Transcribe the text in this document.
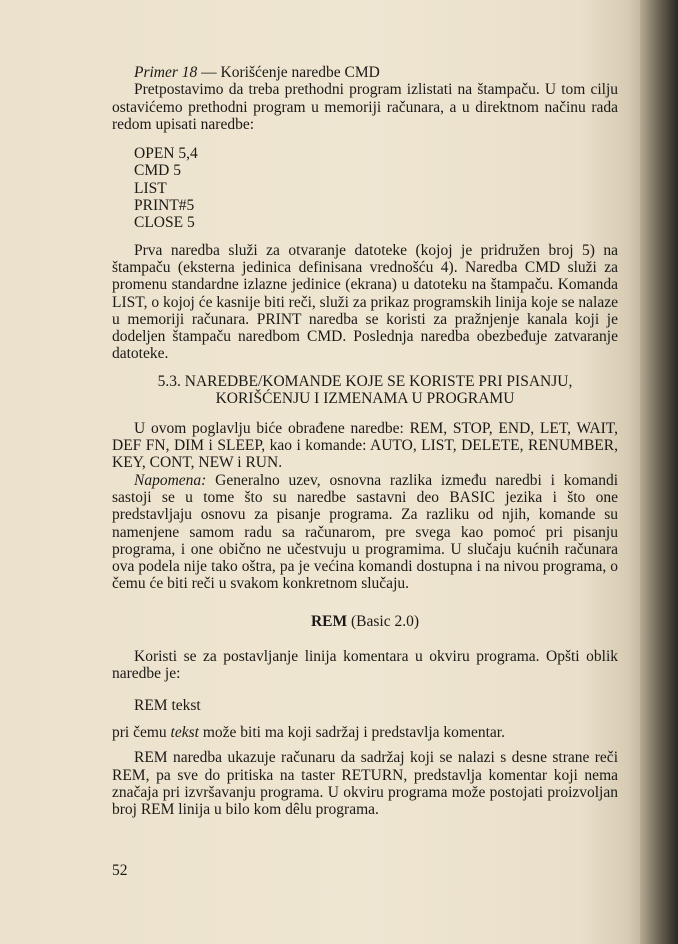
Primer 18 — Korišćenje naredbe CMD

Pretpostavimo da treba prethodni program izlistati na štampaču. U tom cilju ostavićemo prethodni program u memoriji računara, a u direktnom načinu rada redom upisati naredbe:

OPEN 5,4
CMD 5
LIST
PRINT#5
CLOSE 5

Prva naredba služi za otvaranje datoteke (kojoj je pridružen broj 5) na štampaču (eksterna jedinica definisana vrednošću 4). Naredba CMD služi za promenu standardne izlazne jedinice (ekrana) u datoteku na štampaču. Komanda LIST, o kojoj će kasnije biti reči, služi za prikaz programskih linija koje se nalaze u memoriji računara. PRINT naredba se koristi za pražnjenje kanala koji je dodeljen štampaču naredbom CMD. Poslednja naredba obezbeđuje zatvaranje datoteke.

5.3. NAREDBE/KOMANDE KOJE SE KORISTE PRI PISANJU,
KORIŠĆENJU I IZMENAMA U PROGRAMU

U ovom poglavlju biće obrađene naredbe: REM, STOP, END, LET, WAIT, DEF FN, DIM i SLEEP, kao i komande: AUTO, LIST, DELETE, RENUMBER, KEY, CONT, NEW i RUN.

Napomena: Generalno uzev, osnovna razlika između naredbi i komandi sastoji se u tome što su naredbe sastavni deo BASIC jezika i što one predstavljaju osnovu za pisanje programa. Za razliku od njih, komande su namenjene samom radu sa računarom, pre svega kao pomoć pri pisanju programa, i one obično ne učestvuju u programima. U slučaju kućnih računara ova podela nije tako oštra, pa je većina komandi dostupna i na nivou programa, o čemu će biti reči u svakom konkretnom slučaju.

REM (Basic 2.0)

Koristi se za postavljanje linija komentara u okviru programa. Opšti oblik naredbe je:

REM tekst

pri čemu tekst može biti ma koji sadržaj i predstavlja komentar.

REM naredba ukazuje računaru da sadržaj koji se nalazi s desne strane reči REM, pa sve do pritiska na taster RETURN, predstavlja komentar koji nema značaja pri izvršavanju programa. U okviru programa može postojati proizvoljan broj REM linija u bilo kom dêlu programa.

52
